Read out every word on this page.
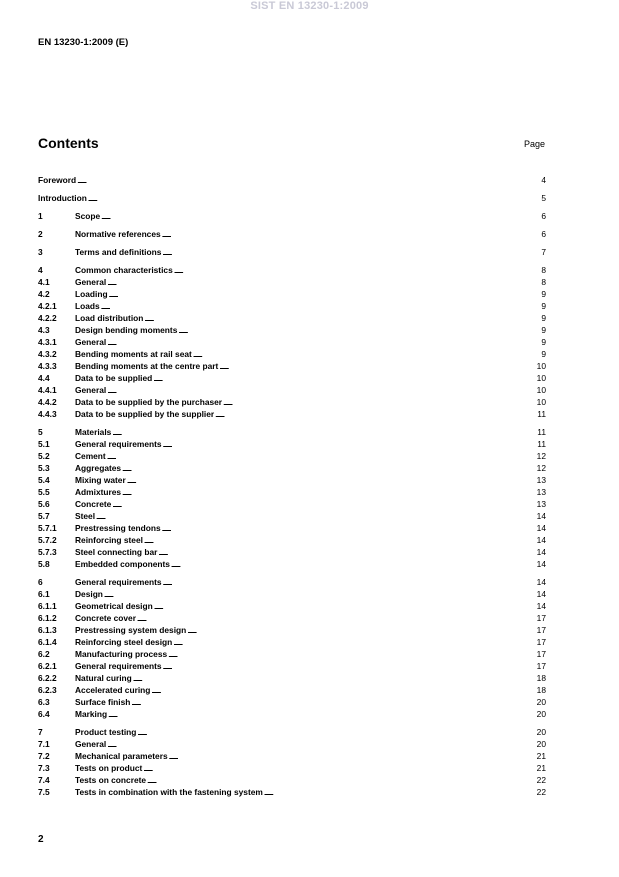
SIST EN 13230-1:2009
EN 13230-1:2009 (E)
Contents	Page
Foreword . . .	4
Introduction . . .	5
1	Scope . . .	6
2	Normative references . . .	6
3	Terms and definitions . . .	7
4	Common characteristics . . .	8
4.1	General . . .	8
4.2	Loading . . .	9
4.2.1	Loads . . .	9
4.2.2	Load distribution . . .	9
4.3	Design bending moments . . .	9
4.3.1	General . . .	9
4.3.2	Bending moments at rail seat . . .	9
4.3.3	Bending moments at the centre part . . .	10
4.4	Data to be supplied . . .	10
4.4.1	General . . .	10
4.4.2	Data to be supplied by the purchaser . . .	10
4.4.3	Data to be supplied by the supplier . . .	11
5	Materials . . .	11
5.1	General requirements . . .	11
5.2	Cement . . .	12
5.3	Aggregates . . .	12
5.4	Mixing water . . .	13
5.5	Admixtures . . .	13
5.6	Concrete . . .	13
5.7	Steel . . .	14
5.7.1	Prestressing tendons . . .	14
5.7.2	Reinforcing steel . . .	14
5.7.3	Steel connecting bar . . .	14
5.8	Embedded components . . .	14
6	General requirements . . .	14
6.1	Design . . .	14
6.1.1	Geometrical design . . .	14
6.1.2	Concrete cover . . .	17
6.1.3	Prestressing system design . . .	17
6.1.4	Reinforcing steel design . . .	17
6.2	Manufacturing process . . .	17
6.2.1	General requirements . . .	17
6.2.2	Natural curing . . .	18
6.2.3	Accelerated curing . . .	18
6.3	Surface finish . . .	20
6.4	Marking . . .	20
7	Product testing . . .	20
7.1	General . . .	20
7.2	Mechanical parameters . . .	21
7.3	Tests on product . . .	21
7.4	Tests on concrete . . .	22
7.5	Tests in combination with the fastening system . . .	22
2
